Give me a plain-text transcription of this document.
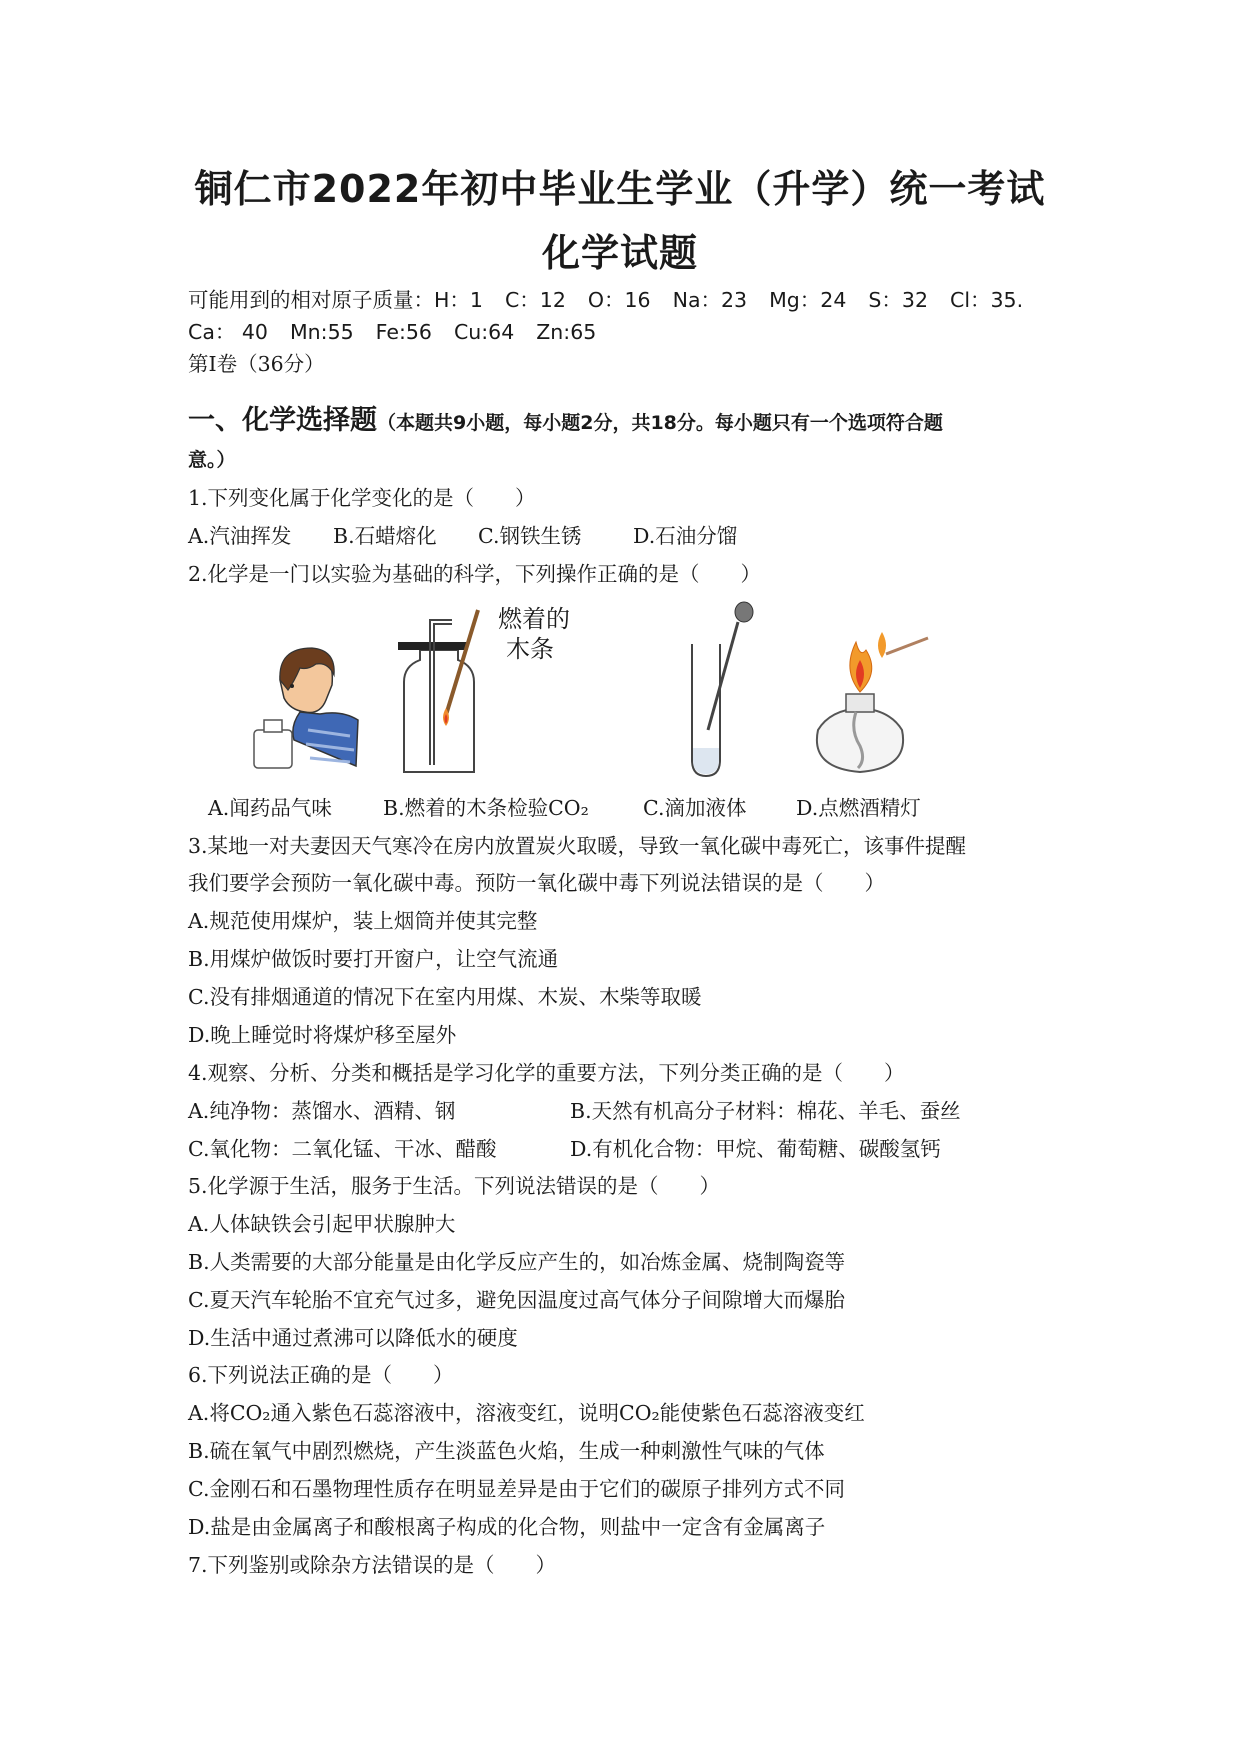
铜仁市2022年初中毕业生学业（升学）统一考试
化学试题
可能用到的相对原子质量：H：1 C：12 O：16 Na：23 Mg：24 S：32 Cl：35.
Ca： 40 Mn:55 Fe:56 Cu:64 Zn:65
第Ⅰ卷（36分）
一、化学选择题（本题共9小题，每小题2分，共18分。每小题只有一个选项符合题
意。）
1.下列变化属于化学变化的是（　　）
A.汽油挥发 B.石蜡熔化 C.钢铁生锈	D.石油分馏
2.化学是一门以实验为基础的科学，下列操作正确的是（　　）
燃着的
木条
A.闻药品气味 B.燃着的木条检验CO₂	C.滴加液体 D.点燃酒精灯
3.某地一对夫妻因天气寒冷在房内放置炭火取暖，导致一氧化碳中毒死亡，该事件提醒
我们要学会预防一氧化碳中毒。预防一氧化碳中毒下列说法错误的是（　　）
A.规范使用煤炉，装上烟筒并使其完整
B.用煤炉做饭时要打开窗户，让空气流通
C.没有排烟通道的情况下在室内用煤、木炭、木柴等取暖
D.晚上睡觉时将煤炉移至屋外
4.观察、分析、分类和概括是学习化学的重要方法，下列分类正确的是（　　）
A.纯净物：蒸馏水、酒精、钢	B.天然有机高分子材料：棉花、羊毛、蚕丝
C.氧化物：二氧化锰、干冰、醋酸	D.有机化合物：甲烷、葡萄糖、碳酸氢钙
5.化学源于生活，服务于生活。下列说法错误的是（　　）
A.人体缺铁会引起甲状腺肿大
B.人类需要的大部分能量是由化学反应产生的，如冶炼金属、烧制陶瓷等
C.夏天汽车轮胎不宜充气过多，避免因温度过高气体分子间隙增大而爆胎
D.生活中通过煮沸可以降低水的硬度
6.下列说法正确的是（　　）
A.将CO₂通入紫色石蕊溶液中，溶液变红，说明CO₂能使紫色石蕊溶液变红
B.硫在氧气中剧烈燃烧，产生淡蓝色火焰，生成一种刺激性气味的气体
C.金刚石和石墨物理性质存在明显差异是由于它们的碳原子排列方式不同
D.盐是由金属离子和酸根离子构成的化合物，则盐中一定含有金属离子
7.下列鉴别或除杂方法错误的是（　　）
